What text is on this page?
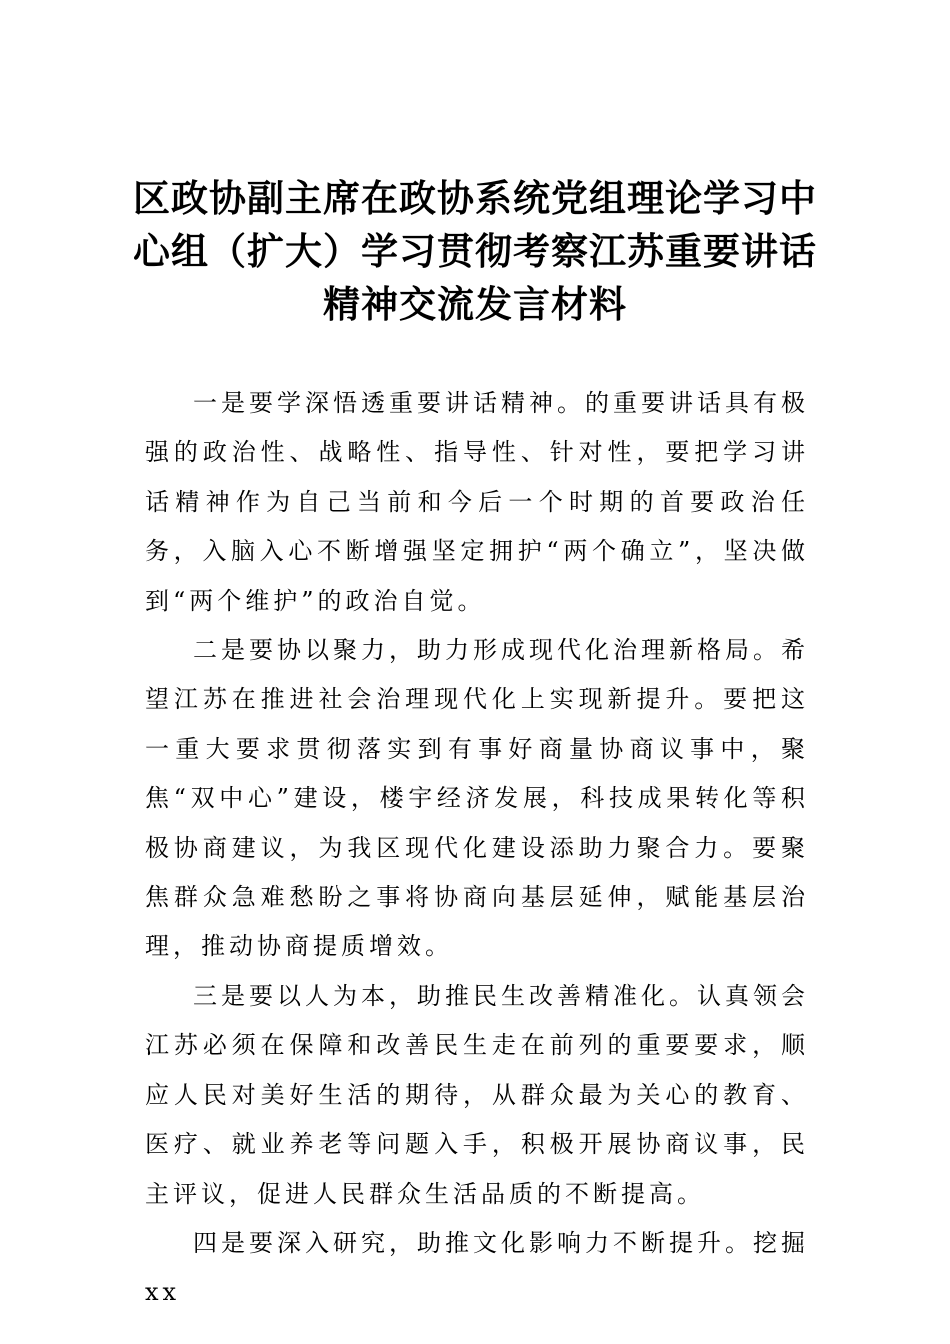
区政协副主席在政协系统党组理论学习中
心组（扩大）学习贯彻考察江苏重要讲话
精神交流发言材料

一是要学深悟透重要讲话精神。的重要讲话具有极强的政治性、战略性、指导性、针对性，要把学习讲话精神作为自己当前和今后一个时期的首要政治任务，入脑入心不断增强坚定拥护“两个确立”，坚决做到“两个维护”的政治自觉。

二是要协以聚力，助力形成现代化治理新格局。希望江苏在推进社会治理现代化上实现新提升。要把这一重大要求贯彻落实到有事好商量协商议事中，聚焦“双中心”建设，楼宇经济发展，科技成果转化等积极协商建议，为我区现代化建设添助力聚合力。要聚焦群众急难愁盼之事将协商向基层延伸，赋能基层治理，推动协商提质增效。

三是要以人为本，助推民生改善精准化。认真领会江苏必须在保障和改善民生走在前列的重要要求，顺应人民对美好生活的期待，从群众最为关心的教育、医疗、就业养老等问题入手，积极开展协商议事，民主评议，促进人民群众生活品质的不断提高。

四是要深入研究，助推文化影响力不断提升。挖掘 xx
